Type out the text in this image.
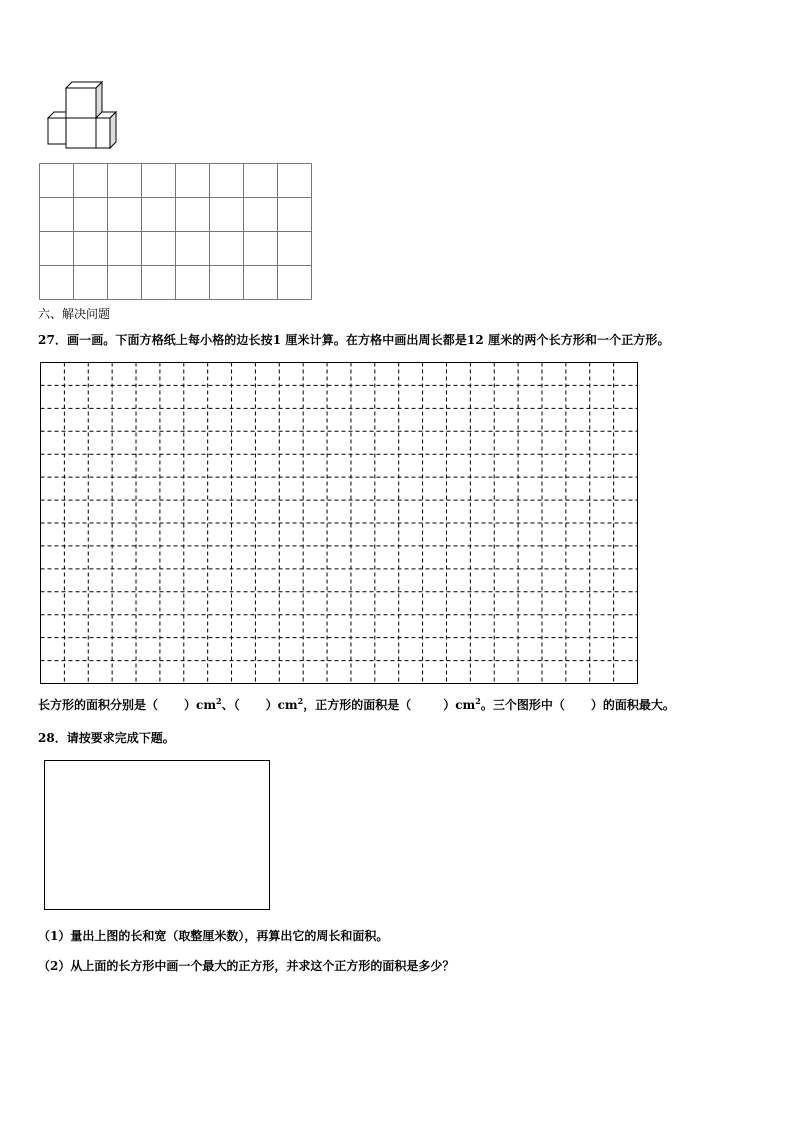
六、解决问题
27．画一画。下面方格纸上每小格的边长按1 厘米计算。在方格中画出周长都是12 厘米的两个长方形和一个正方形。
长方形的面积分别是（ ）$cm^2$、（ ）$cm^2$，正方形的面积是（	）$cm^2$。三个图形中（ ）的面积最大。
28．请按要求完成下题。
（1）量出上图的长和宽（取整厘米数），再算出它的周长和面积。
（2）从上面的长方形中画一个最大的正方形，并求这个正方形的面积是多少？
